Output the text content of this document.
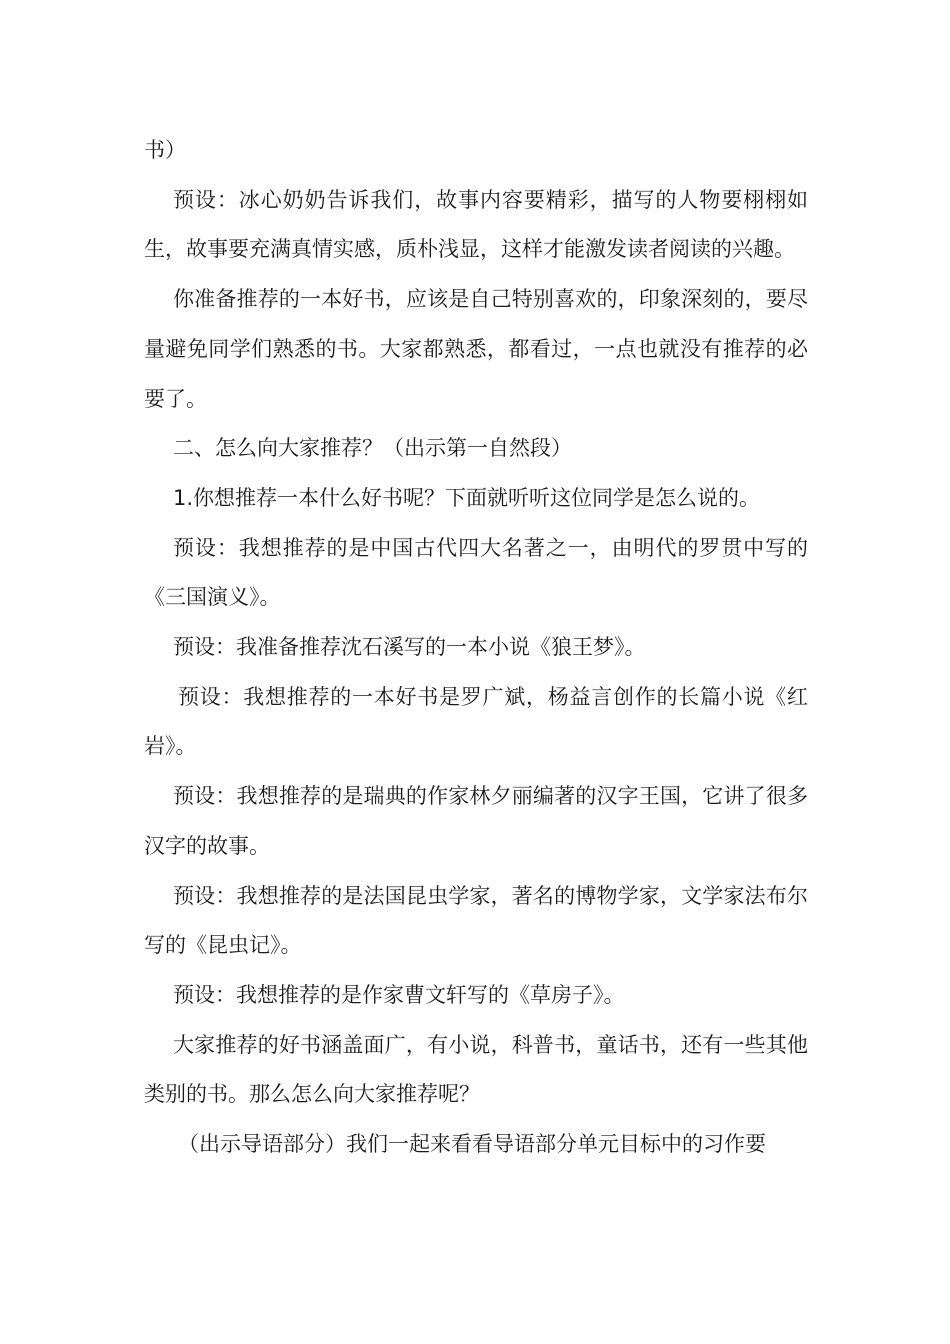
书）

预设：冰心奶奶告诉我们，故事内容要精彩，描写的人物要栩栩如生，故事要充满真情实感，质朴浅显，这样才能激发读者阅读的兴趣。

你准备推荐的一本好书，应该是自己特别喜欢的，印象深刻的，要尽量避免同学们熟悉的书。大家都熟悉，都看过，一点也就没有推荐的必要了。

二、怎么向大家推荐？（出示第一自然段）

1.你想推荐一本什么好书呢？下面就听听这位同学是怎么说的。

预设：我想推荐的是中国古代四大名著之一，由明代的罗贯中写的《三国演义》。

预设：我准备推荐沈石溪写的一本小说《狼王梦》。

预设：我想推荐的一本好书是罗广斌，杨益言创作的长篇小说《红岩》。

预设：我想推荐的是瑞典的作家林夕丽编著的汉字王国，它讲了很多汉字的故事。

预设：我想推荐的是法国昆虫学家，著名的博物学家，文学家法布尔写的《昆虫记》。

预设：我想推荐的是作家曹文轩写的《草房子》。

大家推荐的好书涵盖面广，有小说，科普书，童话书，还有一些其他类别的书。那么怎么向大家推荐呢？

（出示导语部分）我们一起来看看导语部分单元目标中的习作要
